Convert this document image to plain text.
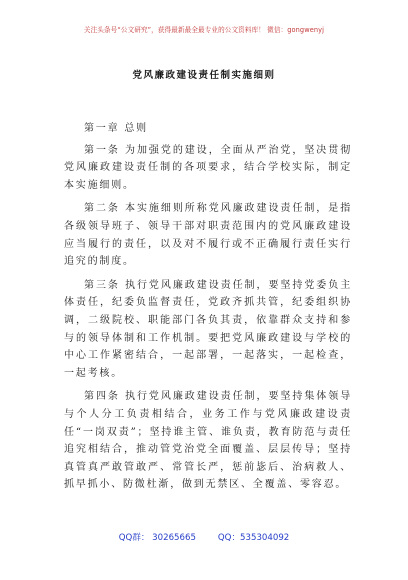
关注头条号“公文研究”，获得最新最全最专业的公文资料库！ 微信：gongwenyj
党风廉政建设责任制实施细则

第一章 总则

第一条 为加强党的建设，全面从严治党，坚决贯彻党风廉政建设责任制的各项要求，结合学校实际，制定本实施细则。

第二条 本实施细则所称党风廉政建设责任制，是指各级领导班子、领导干部对职责范围内的党风廉政建设应当履行的责任，以及对不履行或不正确履行责任实行追究的制度。

第三条 执行党风廉政建设责任制，要坚持党委负主体责任，纪委负监督责任，党政齐抓共管，纪委组织协调，二级院校、职能部门各负其责，依靠群众支持和参与的领导体制和工作机制。要把党风廉政建设与学校的中心工作紧密结合，一起部署，一起落实，一起检查，一起考核。

第四条 执行党风廉政建设责任制，要坚持集体领导与个人分工负责相结合，业务工作与党风廉政建设责任“一岗双责”；坚持谁主管、谁负责，教育防范与责任追究相结合，推动管党治党全面覆盖、层层传导；坚持真管真严敢管敢严、常管长严，惩前毖后、治病救人、抓早抓小、防微杜渐，做到无禁区、全覆盖、零容忍。

QQ群： 30265665	QQ：535304092
